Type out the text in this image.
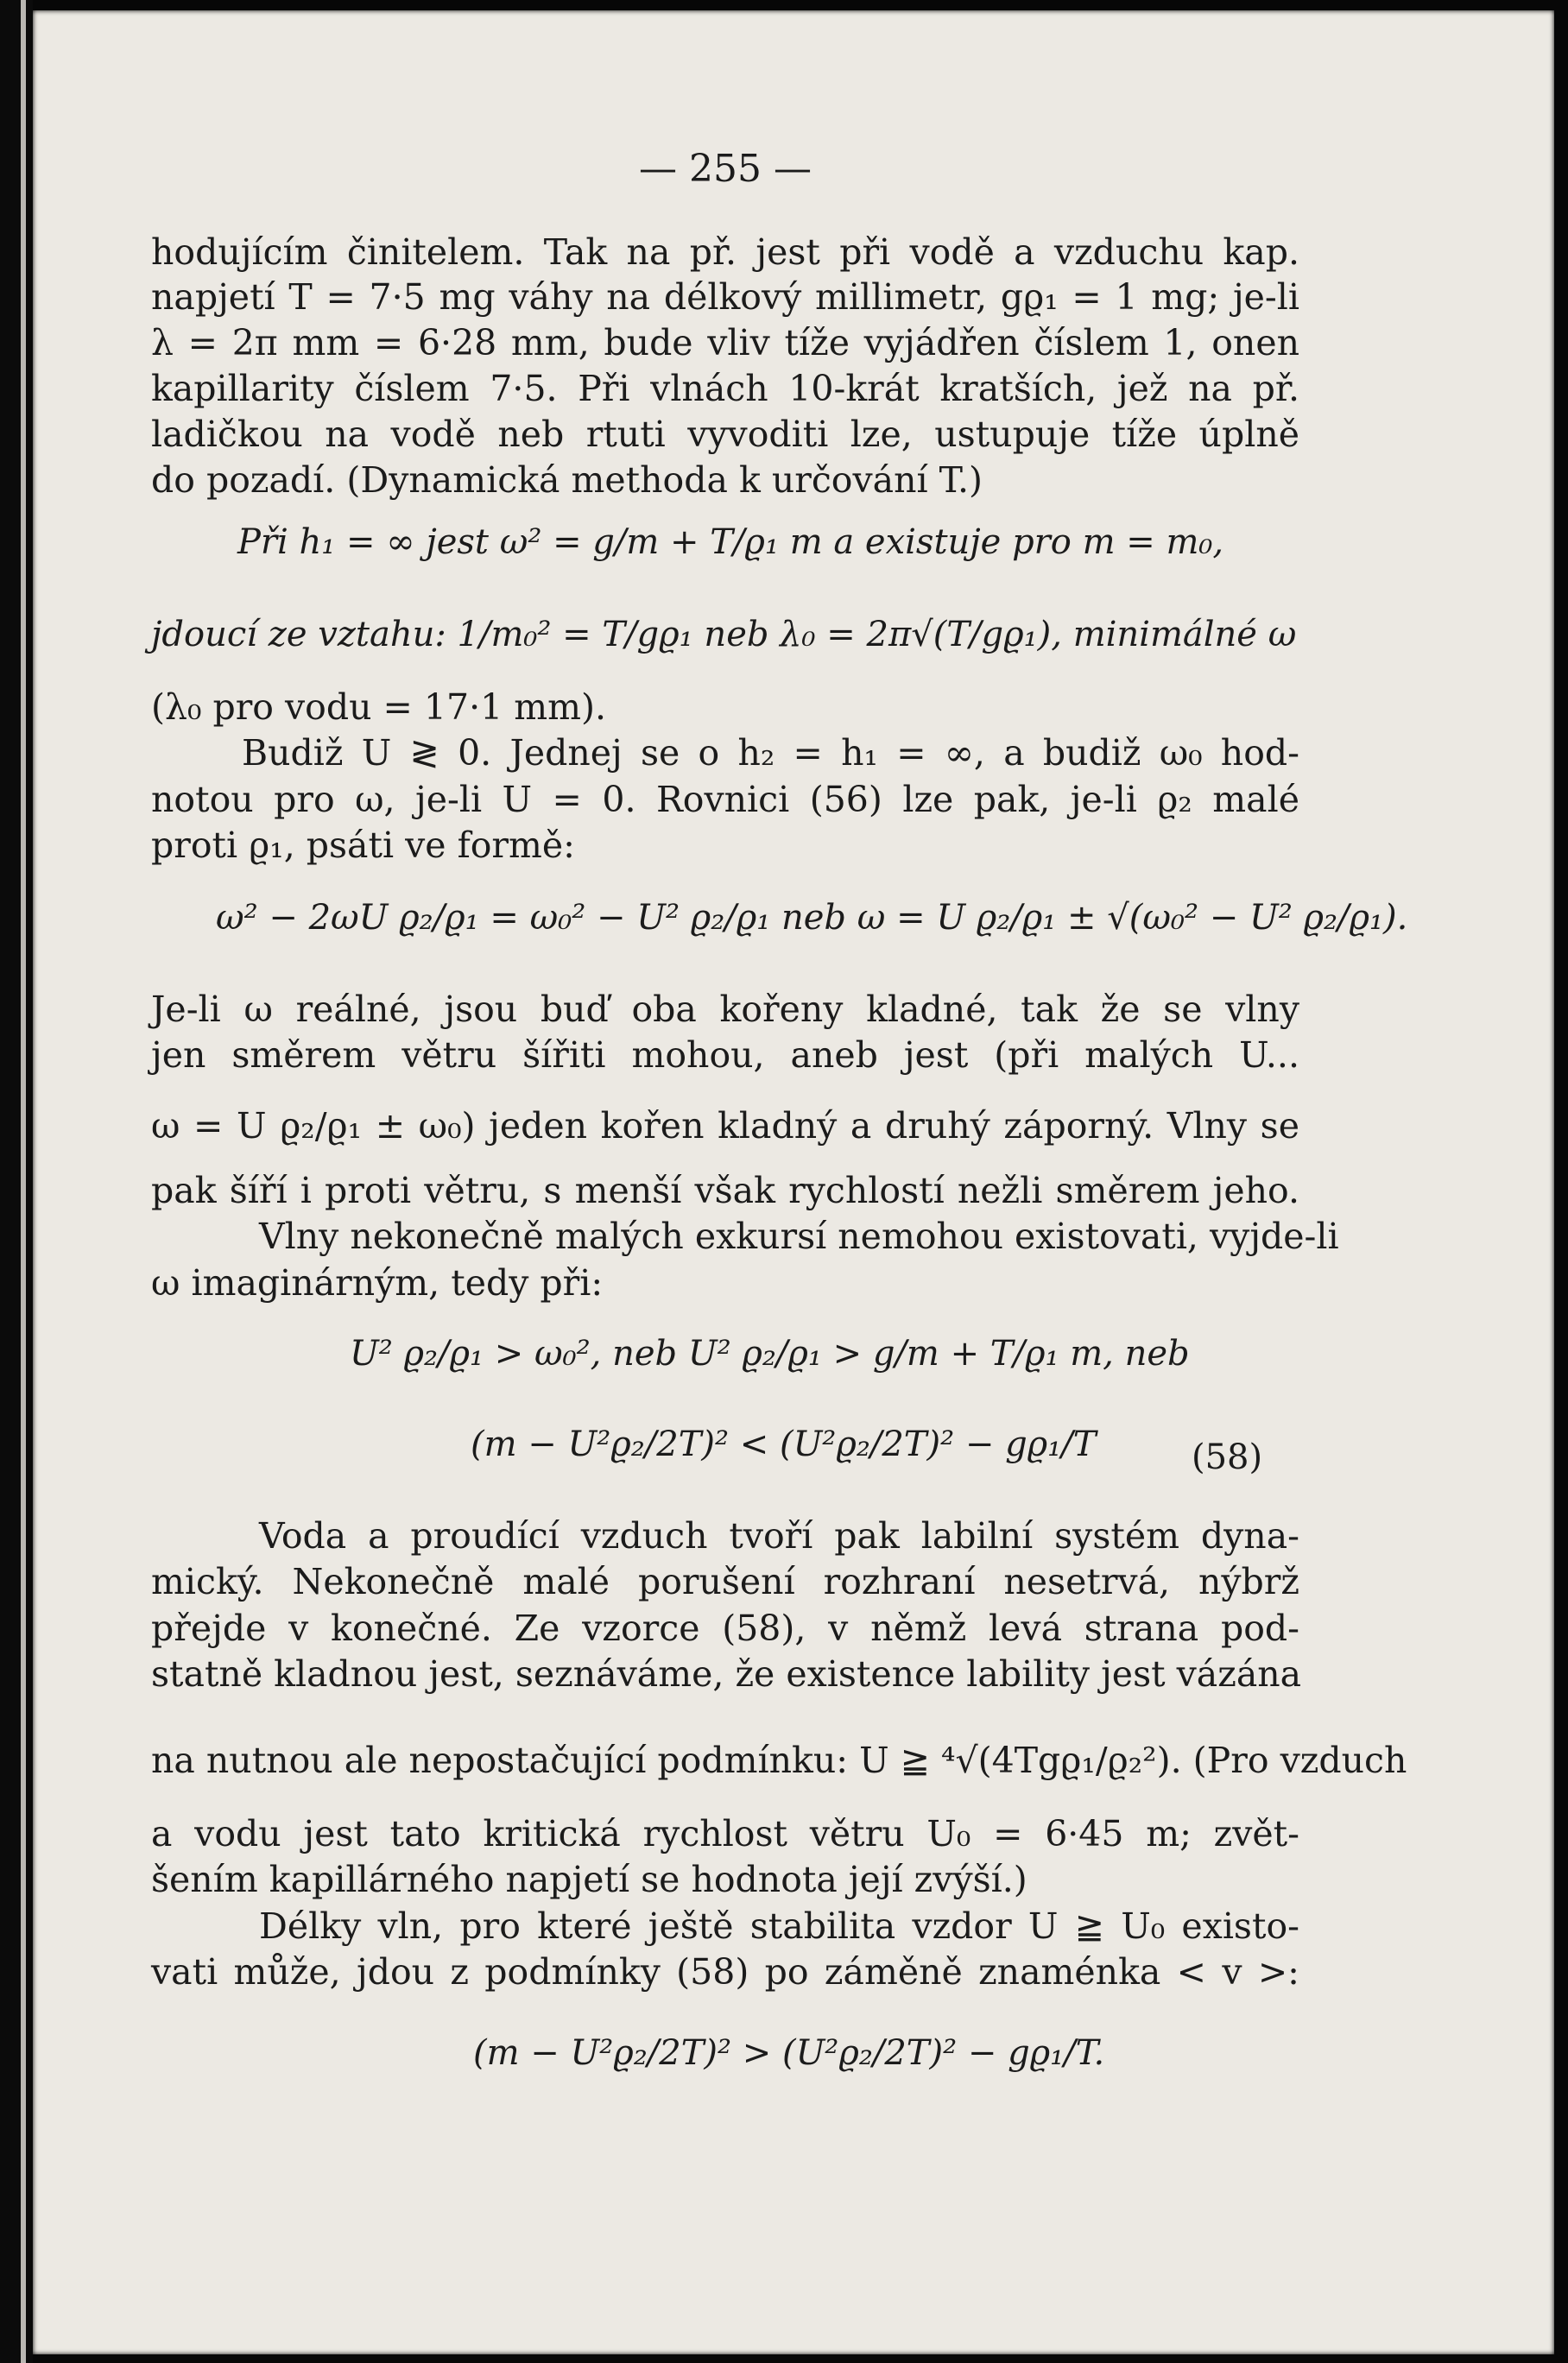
— 255 —
hodujícím činitelem. Tak na př. jest při vodě a vzduchu kap.
napjetí T = 7·5 mg váhy na délkový millimetr, gϱ₁ = 1 mg; je-li
λ = 2π mm = 6·28 mm, bude vliv tíže vyjádřen číslem 1, onen
kapillarity číslem 7·5. Při vlnách 10-krát kratších, jež na př.
ladičkou na vodě neb rtuti vyvoditi lze, ustupuje tíže úplně
do pozadí. (Dynamická methoda k určování T.)
Při h₁ = ∞ jest ω² = g/m + T/ϱ₁ m a existuje pro m = m₀,
jdoucí ze vztahu: 1/m₀² = T/gϱ₁ neb λ₀ = 2π√(T/gϱ₁), minimálné ω
(λ₀ pro vodu = 17·1 mm).
Budiž U ≷ 0. Jednej se o h₂ = h₁ = ∞, a budiž ω₀ hod-
notou pro ω, je-li U = 0. Rovnici (56) lze pak, je-li ϱ₂ malé
proti ϱ₁, psáti ve formě:
ω² − 2ωU ϱ₂/ϱ₁ = ω₀² − U² ϱ₂/ϱ₁ neb ω = U ϱ₂/ϱ₁ ± √(ω₀² − U² ϱ₂/ϱ₁).
Je-li ω reálné, jsou buď oba kořeny kladné, tak že se vlny
jen směrem větru šířiti mohou, aneb jest (při malých U...
ω = U ϱ₂/ϱ₁ ± ω₀) jeden kořen kladný a druhý záporný. Vlny se
pak šíří i proti větru, s menší však rychlostí nežli směrem jeho.
Vlny nekonečně malých exkursí nemohou existovati, vyjde-li
ω imaginárným, tedy při:
U² ϱ₂/ϱ₁ > ω₀², neb U² ϱ₂/ϱ₁ > g/m + T/ϱ₁ m, neb
(m − U²ϱ₂/2T)² < (U²ϱ₂/2T)² − gϱ₁/T	(58)
Voda a proudící vzduch tvoří pak labilní systém dyna-
mický. Nekonečně malé porušení rozhraní nesetrvá, nýbrž
přejde v konečné. Ze vzorce (58), v němž levá strana pod-
statně kladnou jest, seznáváme, že existence lability jest vázána
na nutnou ale nepostačující podmínku: U ≧ ⁴√(4Tgϱ₁/ϱ₂²). (Pro vzduch
a vodu jest tato kritická rychlost větru U₀ = 6·45 m; zvět-
šením kapillárného napjetí se hodnota její zvýší.)
Délky vln, pro které ještě stabilita vzdor U ≧ U₀ existo-
vati může, jdou z podmínky (58) po záměně znaménka < v >:
(m − U²ϱ₂/2T)² > (U²ϱ₂/2T)² − gϱ₁/T.
